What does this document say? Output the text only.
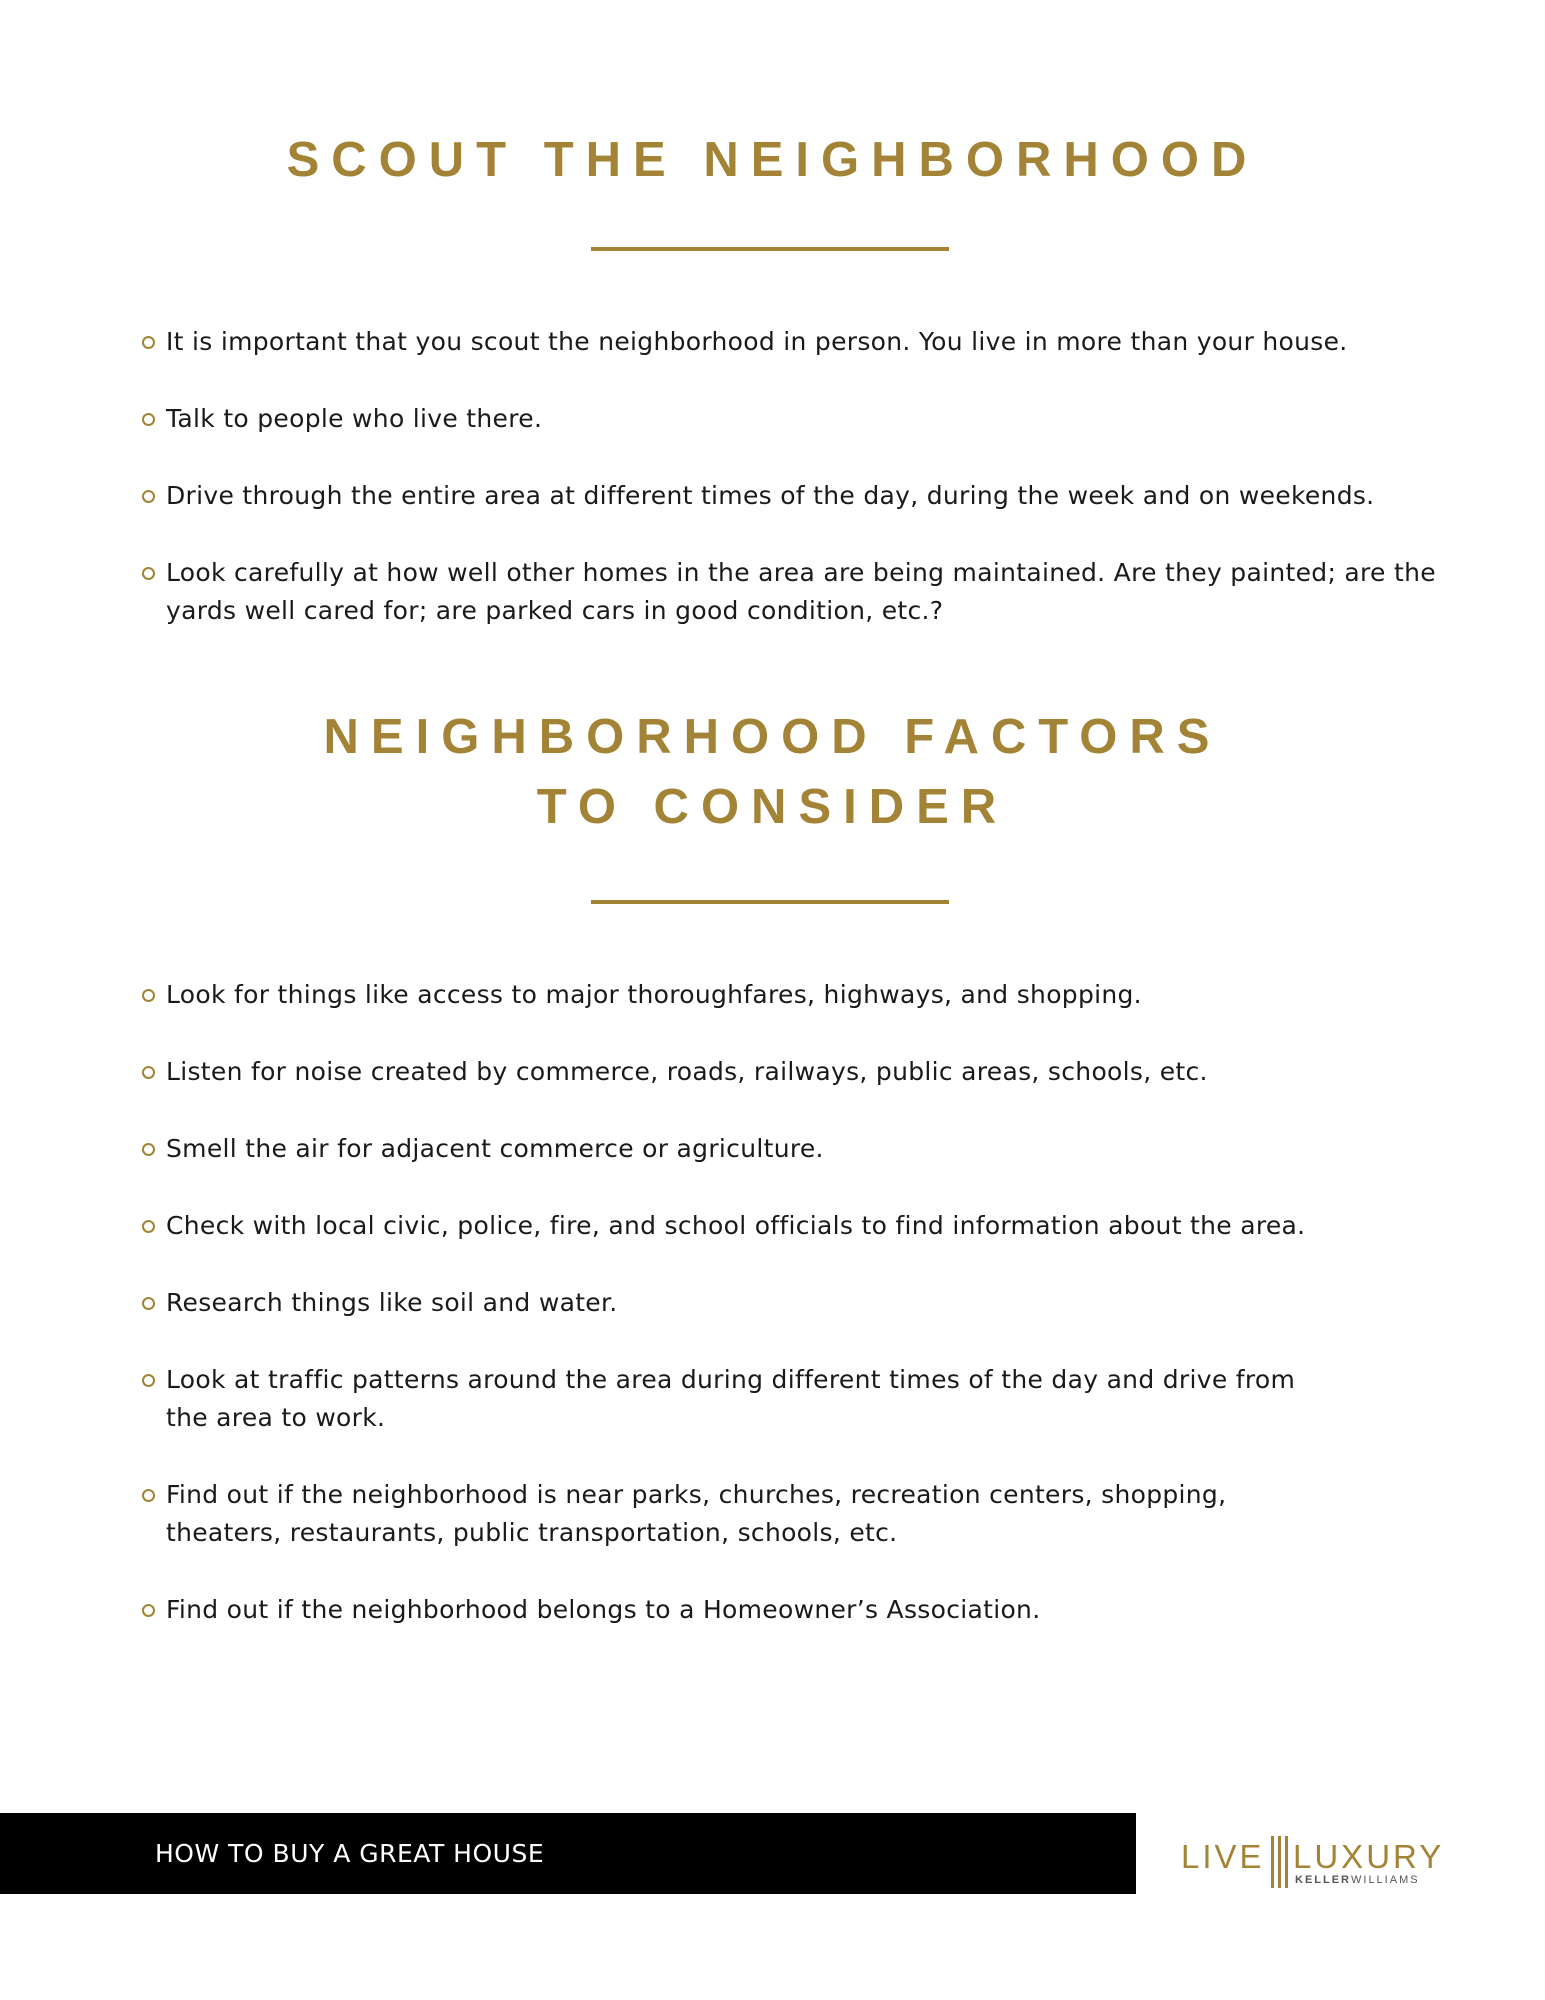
SCOUT THE NEIGHBORHOOD
It is important that you scout the neighborhood in person. You live in more than your house.
Talk to people who live there.
Drive through the entire area at different times of the day, during the week and on weekends.
Look carefully at how well other homes in the area are being maintained. Are they painted; are the
yards well cared for; are parked cars in good condition, etc.?
NEIGHBORHOOD FACTORS
TO CONSIDER
Look for things like access to major thoroughfares, highways, and shopping.
Listen for noise created by commerce, roads, railways, public areas, schools, etc.
Smell the air for adjacent commerce or agriculture.
Check with local civic, police, fire, and school officials to find information about the area.
Research things like soil and water.
Look at traffic patterns around the area during different times of the day and drive from
the area to work.
Find out if the neighborhood is near parks, churches, recreation centers, shopping,
theaters, restaurants, public transportation, schools, etc.
Find out if the neighborhood belongs to a Homeowner’s Association.
HOW TO BUY A GREAT HOUSE	LIVE LUXURY
KELLERWILLIAMS
